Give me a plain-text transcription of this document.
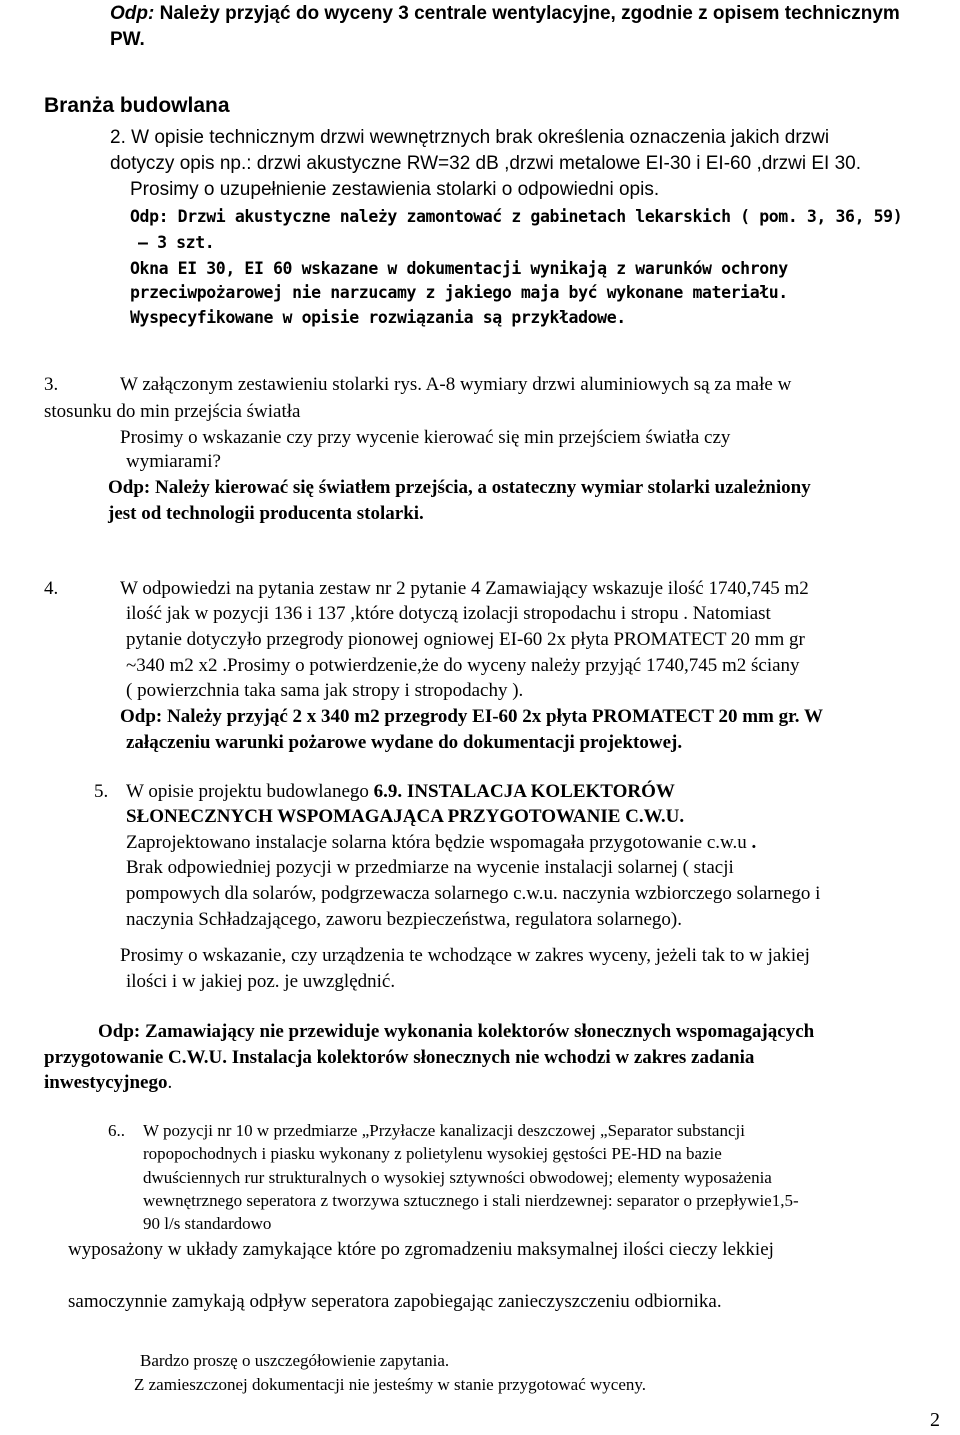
Odp: Należy przyjąć do wyceny 3 centrale wentylacyjne, zgodnie z opisem technicznym
PW.
Branża budowlana
2. W opisie technicznym drzwi wewnętrznych brak określenia oznaczenia jakich drzwi
dotyczy opis np.: drzwi akustyczne RW=32 dB ,drzwi metalowe EI-30 i EI-60 ,drzwi EI 30.
Prosimy o uzupełnienie zestawienia stolarki o odpowiedni opis.
Odp: Drzwi akustyczne należy zamontować z gabinetach lekarskich ( pom. 3, 36, 59)
– 3 szt.
Okna EI 30, EI 60 wskazane w dokumentacji wynikają z warunków ochrony
przeciwpożarowej nie narzucamy z jakiego maja być wykonane materiału.
Wyspecyfikowane w opisie rozwiązania są przykładowe.
3.	W załączonym zestawieniu stolarki rys. A-8 wymiary drzwi aluminiowych są za małe w
stosunku do min przejścia światła
Prosimy o wskazanie czy przy wycenie kierować się min przejściem światła czy
wymiarami?
Odp: Należy kierować się światłem przejścia, a ostateczny wymiar stolarki uzależniony
jest od technologii producenta stolarki.
4.	W odpowiedzi na pytania zestaw nr 2 pytanie 4 Zamawiający wskazuje ilość 1740,745 m2
ilość jak w pozycji 136 i 137 ,które dotyczą izolacji stropodachu i stropu . Natomiast
pytanie dotyczyło przegrody pionowej ogniowej EI-60 2x płyta PROMATECT 20 mm gr
~340 m2 x2 .Prosimy o potwierdzenie,że do wyceny należy przyjąć 1740,745 m2 ściany
( powierzchnia taka sama jak stropy i stropodachy ).
Odp: Należy przyjąć 2 x 340 m2 przegrody EI-60 2x płyta PROMATECT 20 mm gr. W
załączeniu warunki pożarowe wydane do dokumentacji projektowej.
5. W opisie projektu budowlanego 6.9. INSTALACJA KOLEKTORÓW
SŁONECZNYCH WSPOMAGAJĄCA PRZYGOTOWANIE C.W.U.
Zaprojektowano instalacje solarna która będzie wspomagała przygotowanie c.w.u .
Brak odpowiedniej pozycji w przedmiarze na wycenie instalacji solarnej ( stacji
pompowych dla solarów, podgrzewacza solarnego c.w.u. naczynia wzbiorczego solarnego i
naczynia Schładzającego, zaworu bezpieczeństwa, regulatora solarnego).
Prosimy o wskazanie, czy urządzenia te wchodzące w zakres wyceny, jeżeli tak to w jakiej
ilości i w jakiej poz. je uwzględnić.
Odp: Zamawiający nie przewiduje wykonania kolektorów słonecznych wspomagających
przygotowanie C.W.U. Instalacja kolektorów słonecznych nie wchodzi w zakres zadania
inwestycyjnego.
6.. W pozycji nr 10 w przedmiarze „Przyłacze kanalizacji deszczowej „Separator substancji
ropopochodnych i piasku wykonany z polietylenu wysokiej gęstości PE-HD na bazie
dwuściennych rur strukturalnych o wysokiej sztywności obwodowej; elementy wyposażenia
wewnętrznego seperatora z tworzywa sztucznego i stali nierdzewnej: separator o przepływie1,5-
90 l/s standardowo
wyposażony w układy zamykające które po zgromadzeniu maksymalnej ilości cieczy lekkiej
samoczynnie zamykają odpływ seperatora zapobiegając zanieczyszczeniu odbiornika.
Bardzo proszę o uszczegółowienie zapytania.
Z zamieszczonej dokumentacji nie jesteśmy w stanie przygotować wyceny.
2
